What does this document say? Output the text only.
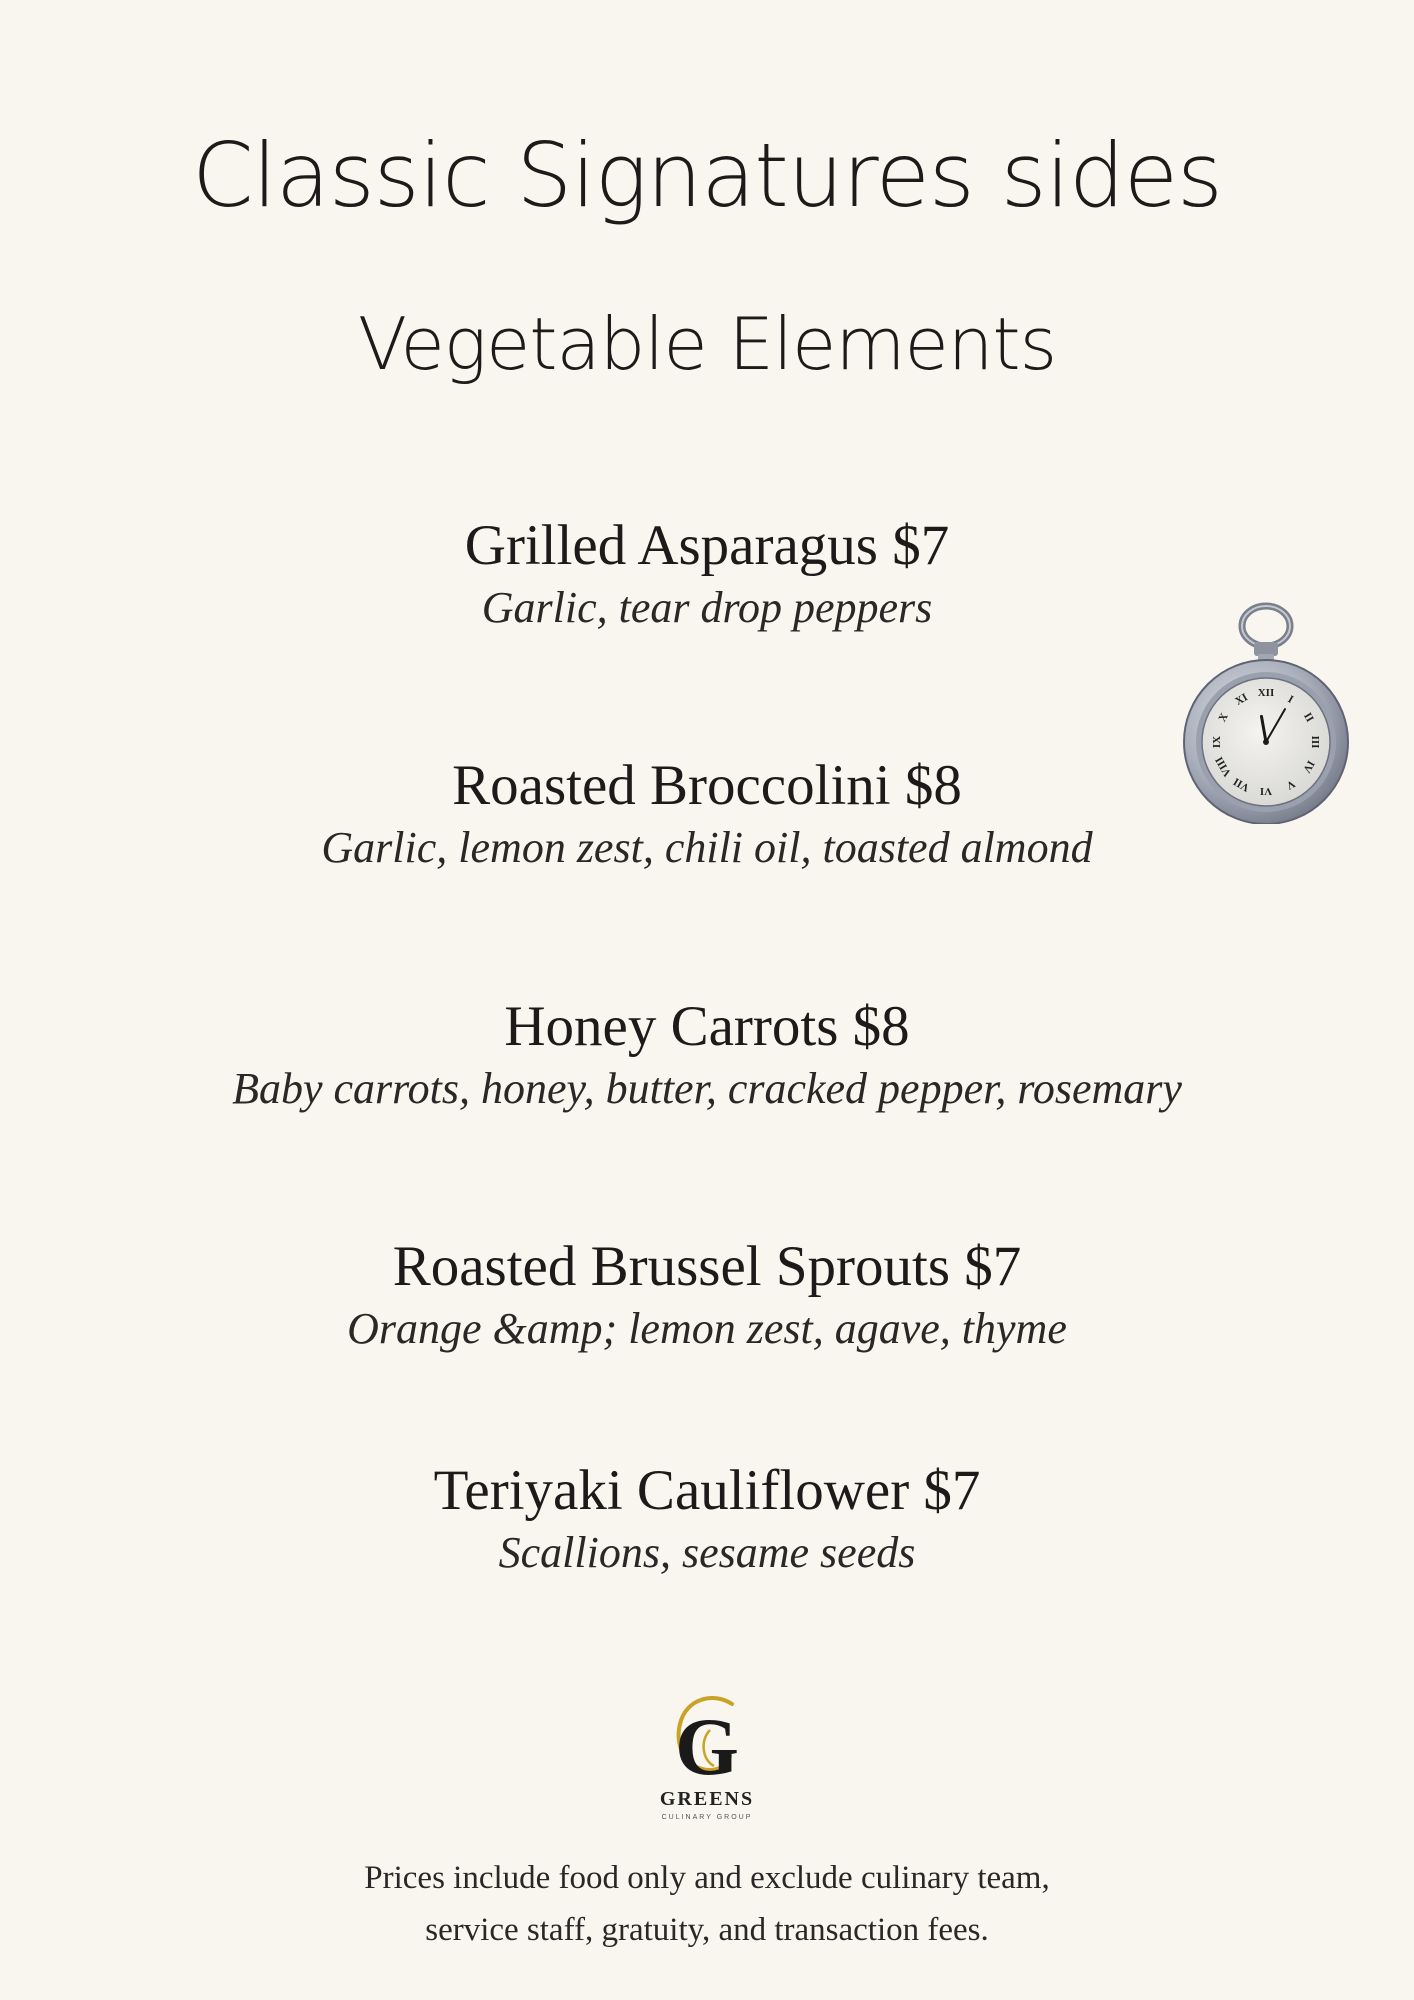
Classic Signatures sides
Vegetable Elements
Grilled Asparagus $7
Garlic, tear drop peppers
Roasted Broccolini $8
Garlic, lemon zest, chili oil, toasted almond
Honey Carrots $8
Baby carrots, honey, butter, cracked pepper, rosemary
Roasted Brussel Sprouts $7
Orange &amp; lemon zest, agave, thyme
Teriyaki Cauliflower $7
Scallions, sesame seeds
XII
I
II
III
IV
V
VI
VII
VIII
IX
X
XI
G
GREENS
CULINARY GROUP
Prices include food only and exclude culinary team,
service staff, gratuity, and transaction fees.
